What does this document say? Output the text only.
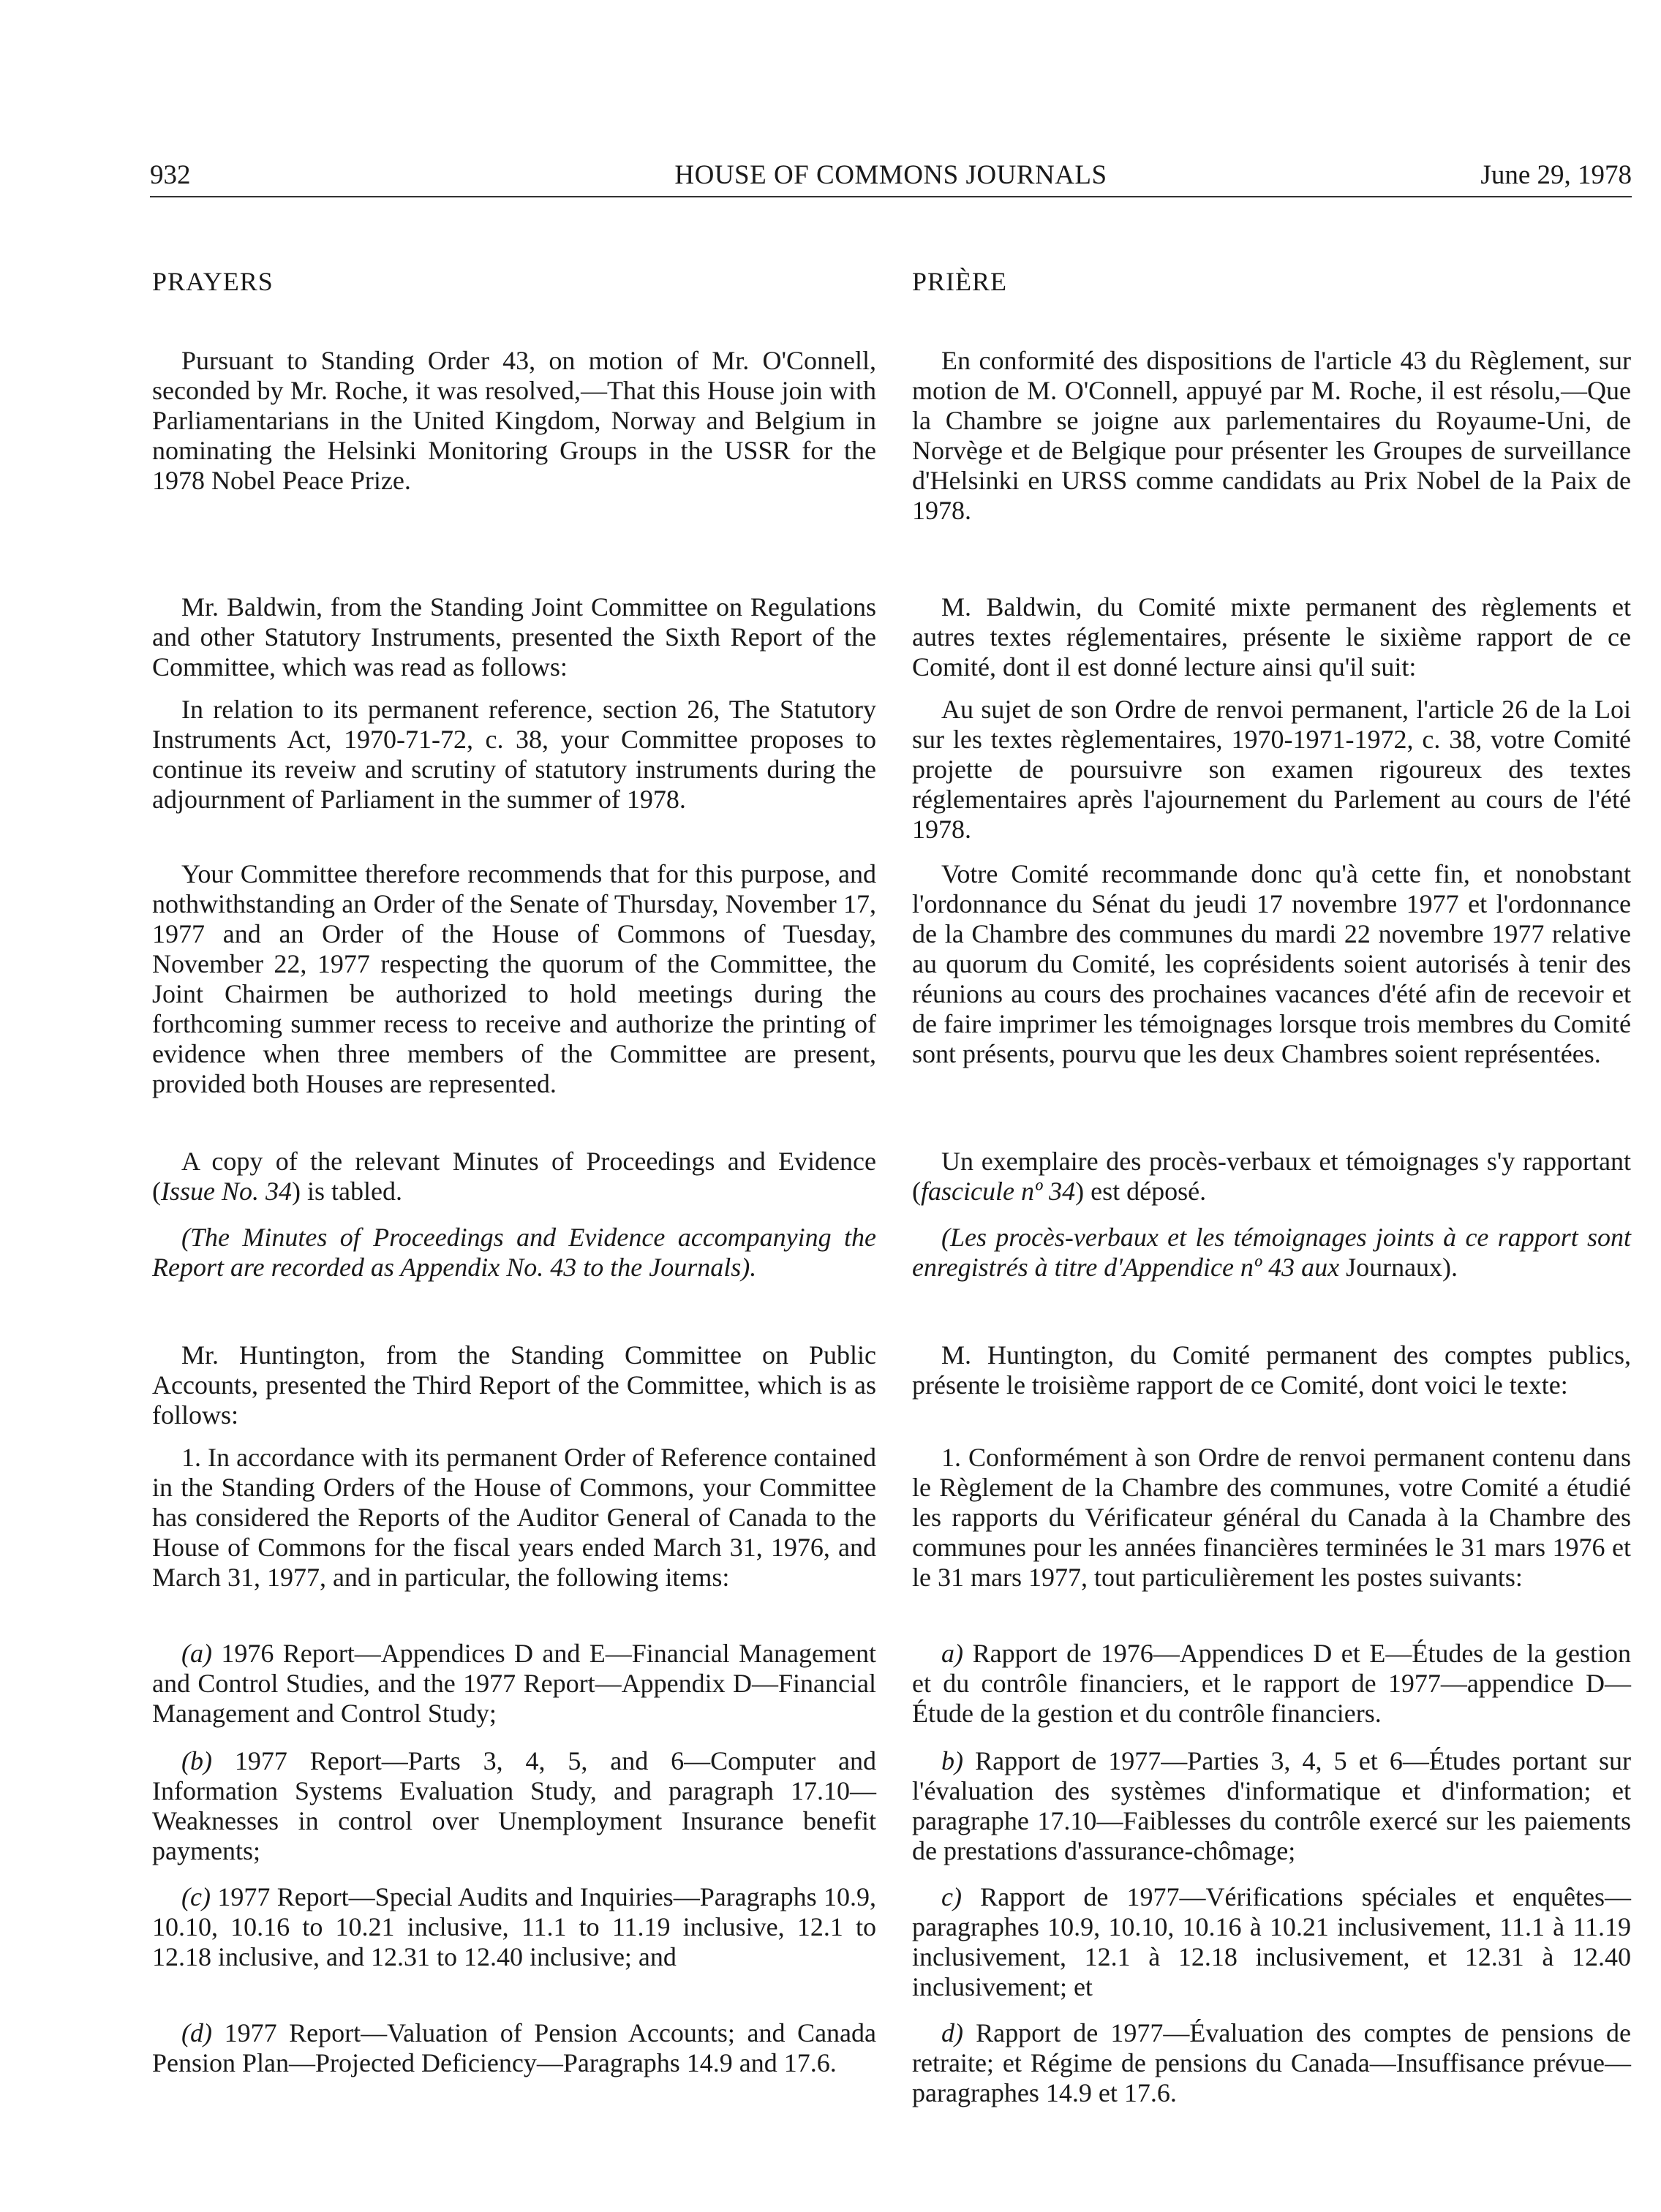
932	HOUSE OF COMMONS JOURNALS	June 29, 1978

PRAYERS

Pursuant to Standing Order 43, on motion of Mr. O'Connell, seconded by Mr. Roche, it was resolved,—That this House join with Parliamentarians in the United Kingdom, Norway and Belgium in nominating the Helsinki Monitoring Groups in the USSR for the 1978 Nobel Peace Prize.

Mr. Baldwin, from the Standing Joint Committee on Regulations and other Statutory Instruments, presented the Sixth Report of the Committee, which was read as follows:

In relation to its permanent reference, section 26, The Statutory Instruments Act, 1970-71-72, c. 38, your Committee proposes to continue its reveiw and scrutiny of statutory instruments during the adjournment of Parliament in the summer of 1978.

Your Committee therefore recommends that for this purpose, and nothwithstanding an Order of the Senate of Thursday, November 17, 1977 and an Order of the House of Commons of Tuesday, November 22, 1977 respecting the quorum of the Committee, the Joint Chairmen be authorized to hold meetings during the forthcoming summer recess to receive and authorize the printing of evidence when three members of the Committee are present, provided both Houses are represented.

A copy of the relevant Minutes of Proceedings and Evidence (Issue No. 34) is tabled.

(The Minutes of Proceedings and Evidence accompanying the Report are recorded as Appendix No. 43 to the Journals).

Mr. Huntington, from the Standing Committee on Public Accounts, presented the Third Report of the Committee, which is as follows:

1. In accordance with its permanent Order of Reference contained in the Standing Orders of the House of Commons, your Committee has considered the Reports of the Auditor General of Canada to the House of Commons for the fiscal years ended March 31, 1976, and March 31, 1977, and in particular, the following items:

(a) 1976 Report—Appendices D and E—Financial Management and Control Studies, and the 1977 Report—Appendix D—Financial Management and Control Study;

(b) 1977 Report—Parts 3, 4, 5, and 6—Computer and Information Systems Evaluation Study, and paragraph 17.10—Weaknesses in control over Unemployment Insurance benefit payments;

(c) 1977 Report—Special Audits and Inquiries—Paragraphs 10.9, 10.10, 10.16 to 10.21 inclusive, 11.1 to 11.19 inclusive, 12.1 to 12.18 inclusive, and 12.31 to 12.40 inclusive; and

(d) 1977 Report—Valuation of Pension Accounts; and Canada Pension Plan—Projected Deficiency—Paragraphs 14.9 and 17.6.

PRIÈRE

En conformité des dispositions de l'article 43 du Règlement, sur motion de M. O'Connell, appuyé par M. Roche, il est résolu,—Que la Chambre se joigne aux parlementaires du Royaume-Uni, de Norvège et de Belgique pour présenter les Groupes de surveillance d'Helsinki en URSS comme candidats au Prix Nobel de la Paix de 1978.

M. Baldwin, du Comité mixte permanent des règlements et autres textes réglementaires, présente le sixième rapport de ce Comité, dont il est donné lecture ainsi qu'il suit:

Au sujet de son Ordre de renvoi permanent, l'article 26 de la Loi sur les textes règlementaires, 1970-1971-1972, c. 38, votre Comité projette de poursuivre son examen rigoureux des textes réglementaires après l'ajournement du Parlement au cours de l'été 1978.

Votre Comité recommande donc qu'à cette fin, et nonobstant l'ordonnance du Sénat du jeudi 17 novembre 1977 et l'ordonnance de la Chambre des communes du mardi 22 novembre 1977 relative au quorum du Comité, les coprésidents soient autorisés à tenir des réunions au cours des prochaines vacances d'été afin de recevoir et de faire imprimer les témoignages lorsque trois membres du Comité sont présents, pourvu que les deux Chambres soient représentées.

Un exemplaire des procès-verbaux et témoignages s'y rapportant (fascicule nº 34) est déposé.

(Les procès-verbaux et les témoignages joints à ce rapport sont enregistrés à titre d'Appendice nº 43 aux Journaux).

M. Huntington, du Comité permanent des comptes publics, présente le troisième rapport de ce Comité, dont voici le texte:

1. Conformément à son Ordre de renvoi permanent contenu dans le Règlement de la Chambre des communes, votre Comité a étudié les rapports du Vérificateur général du Canada à la Chambre des communes pour les années financières terminées le 31 mars 1976 et le 31 mars 1977, tout particulièrement les postes suivants:

a) Rapport de 1976—Appendices D et E—Études de la gestion et du contrôle financiers, et le rapport de 1977—appendice D—Étude de la gestion et du contrôle financiers.

b) Rapport de 1977—Parties 3, 4, 5 et 6—Études portant sur l'évaluation des systèmes d'informatique et d'information; et paragraphe 17.10—Faiblesses du contrôle exercé sur les paiements de prestations d'assurance-chômage;

c) Rapport de 1977—Vérifications spéciales et enquêtes—paragraphes 10.9, 10.10, 10.16 à 10.21 inclusivement, 11.1 à 11.19 inclusivement, 12.1 à 12.18 inclusivement, et 12.31 à 12.40 inclusivement; et

d) Rapport de 1977—Évaluation des comptes de pensions de retraite; et Régime de pensions du Canada—Insuffisance prévue—paragraphes 14.9 et 17.6.
